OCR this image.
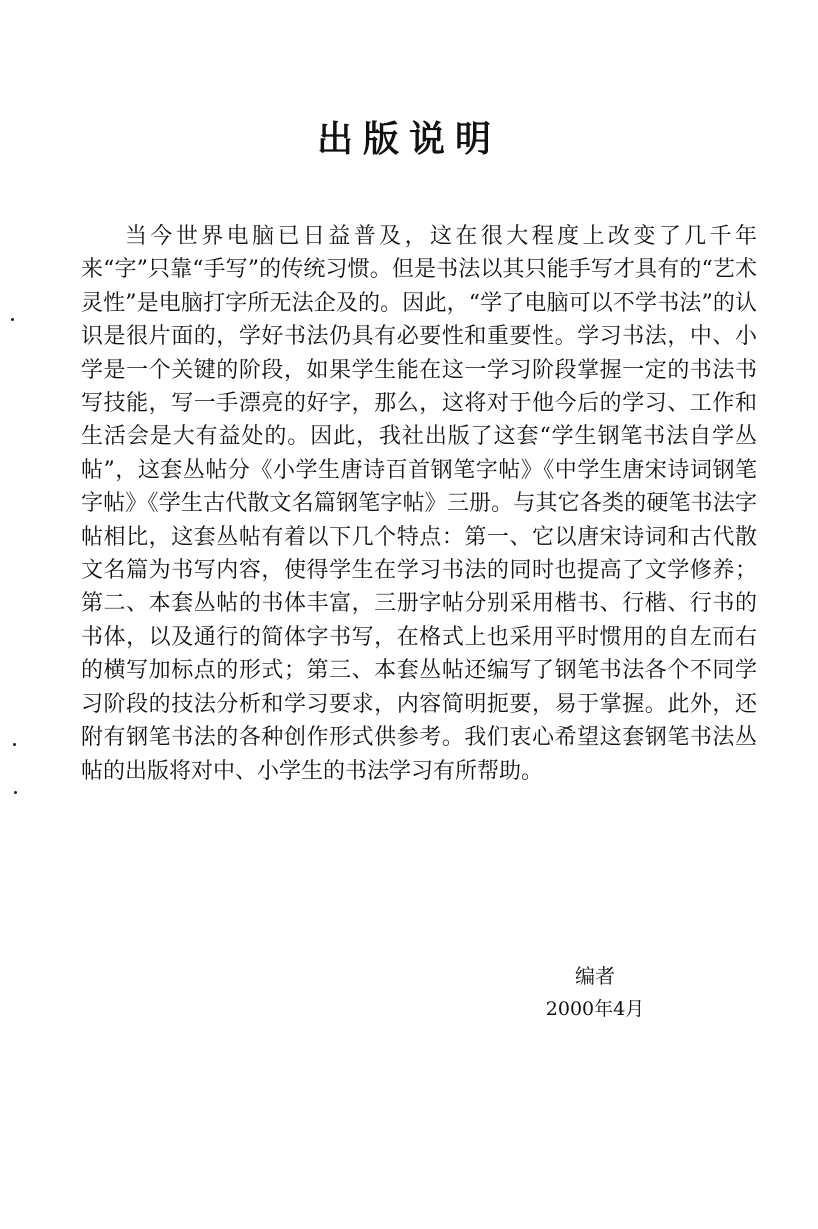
出版说明

当今世界电脑已日益普及，这在很大程度上改变了几千年来“字”只靠“手写”的传统习惯。但是书法以其只能手写才具有的“艺术灵性”是电脑打字所无法企及的。因此，“学了电脑可以不学书法”的认识是很片面的，学好书法仍具有必要性和重要性。学习书法，中、小学是一个关键的阶段，如果学生能在这一学习阶段掌握一定的书法书写技能，写一手漂亮的好字，那么，这将对于他今后的学习、工作和生活会是大有益处的。因此，我社出版了这套“学生钢笔书法自学丛帖”，这套丛帖分《小学生唐诗百首钢笔字帖》《中学生唐宋诗词钢笔字帖》《学生古代散文名篇钢笔字帖》三册。与其它各类的硬笔书法字帖相比，这套丛帖有着以下几个特点：第一、它以唐宋诗词和古代散文名篇为书写内容，使得学生在学习书法的同时也提高了文学修养；第二、本套丛帖的书体丰富，三册字帖分别采用楷书、行楷、行书的书体，以及通行的简体字书写，在格式上也采用平时惯用的自左而右的横写加标点的形式；第三、本套丛帖还编写了钢笔书法各个不同学习阶段的技法分析和学习要求，内容简明扼要，易于掌握。此外，还附有钢笔书法的各种创作形式供参考。我们衷心希望这套钢笔书法丛帖的出版将对中、小学生的书法学习有所帮助。

编者
2000年4月
